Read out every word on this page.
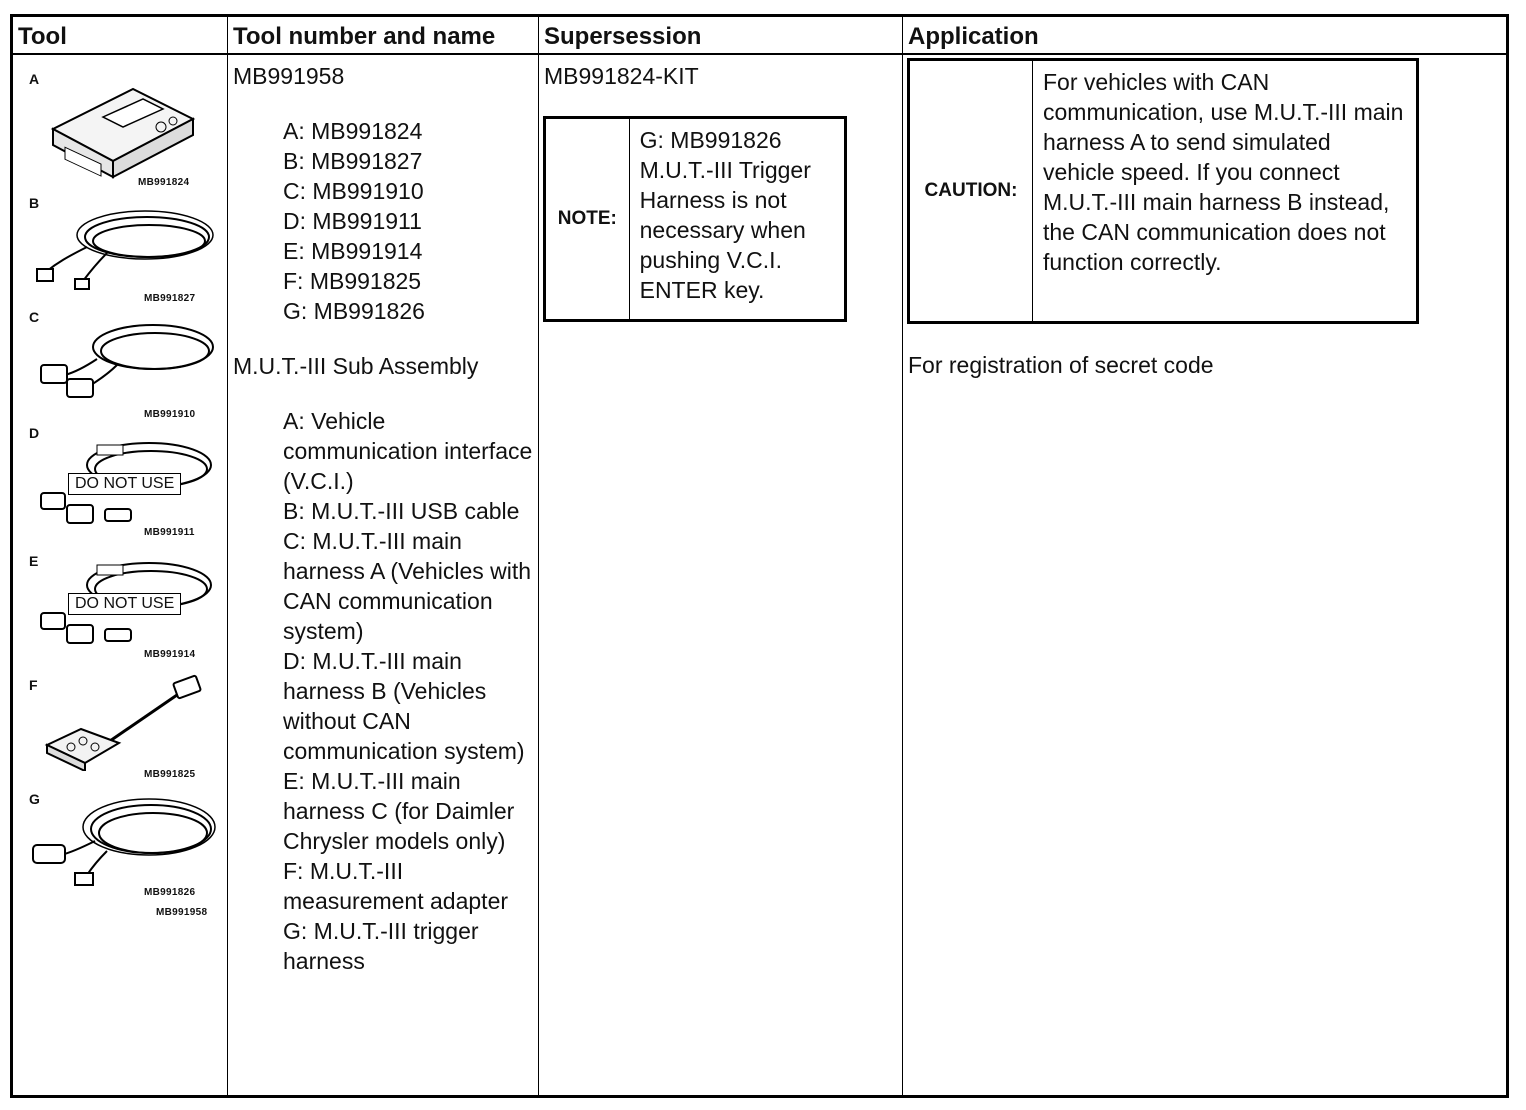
Tool	Tool number and name Supersession	Application
A
MB991824
B
MB991827
C
MB991910
D
DO NOT USE
MB991911
E
DO NOT USE
MB991914
F
MB991825
G
MB991826
MB991958
MB991958
A: MB991824
B: MB991827
C: MB991910
D: MB991911
E: MB991914
F: MB991825
G: MB991826
M.U.T.-III Sub Assembly
A: Vehicle communication interface (V.C.I.)
B: M.U.T.-III USB cable
C: M.U.T.-III main harness A (Vehicles with CAN communication system)
D: M.U.T.-III main harness B (Vehicles without CAN communication system)
E: M.U.T.-III main harness C (for Daimler Chrysler models only)
F: M.U.T.-III measurement adapter
G: M.U.T.-III trigger harness
MB991824-KIT
NOTE:
G: MB991826 M.U.T.-III Trigger Harness is not necessary when pushing V.C.I. ENTER key.
CAUTION:
For vehicles with CAN communication, use M.U.T.-III main harness A to send simulated vehicle speed. If you connect M.U.T.-III main harness B instead, the CAN communication does not function correctly.
For registration of secret code
